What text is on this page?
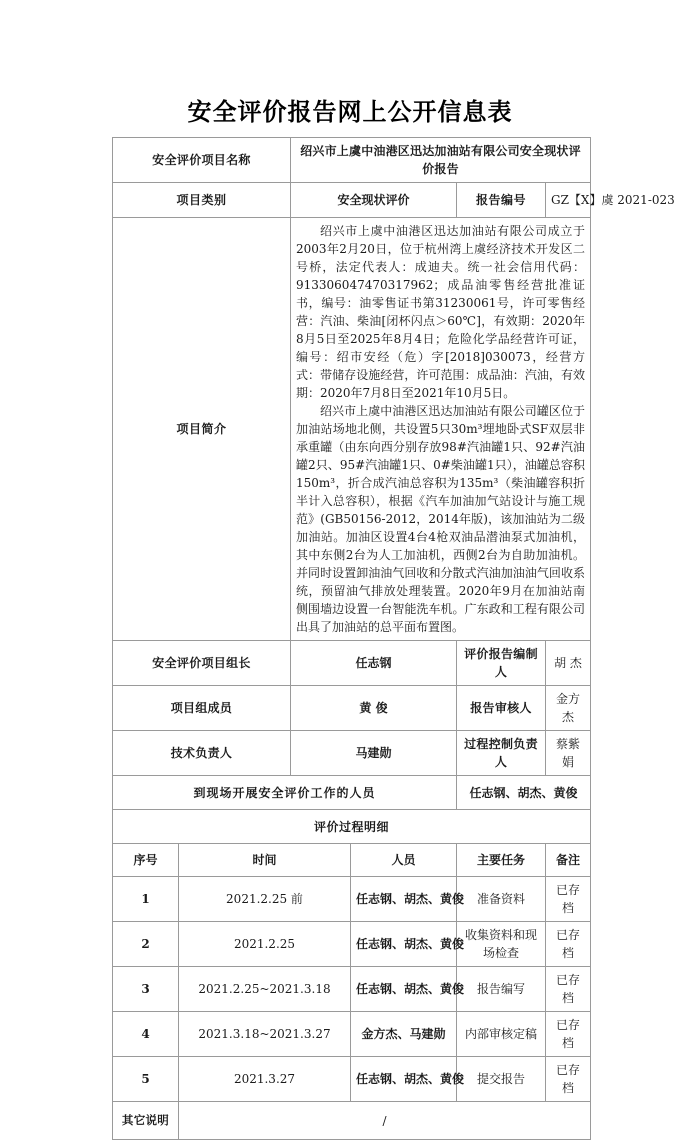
安全评价报告网上公开信息表
安全评价项目名称		绍兴市上虞中油港区迅达加油站有限公司安全现状评价报告			
项目类别		安全现状评价		报告编号	GZ【X】虞 2021-023
项目简介		绍兴市上虞中油港区迅达加油站有限公司成立于2003年2月20日，位于杭州湾上虞经济技术开发区二号桥，法定代表人：成迪夫。统一社会信用代码：913306047470317962；成品油零售经营批准证书，编号：油零售证书第31230061号，许可零售经营：汽油、柴油[闭杯闪点＞60℃]，有效期：2020年8月5日至2025年8月4日；危险化学品经营许可证，编号：绍市安经（危）字[2018]030073，经营方式：带储存设施经营，许可范围：成品油：汽油，有效期：2020年7月8日至2021年10月5日。

绍兴市上虞中油港区迅达加油站有限公司罐区位于加油站场地北侧，共设置5只30m³埋地卧式SF双层非承重罐（由东向西分别存放98#汽油罐1只、92#汽油罐2只、95#汽油罐1只、0#柴油罐1只），油罐总容积150m³，折合成汽油总容积为135m³（柴油罐容积折半计入总容积），根据《汽车加油加气站设计与施工规范》(GB50156-2012，2014年版)，该加油站为二级加油站。加油区设置4台4枪双油品潜油泵式加油机，其中东侧2台为人工加油机，西侧2台为自助加油机。并同时设置卸油油气回收和分散式汽油加油油气回收系统，预留油气排放处理装置。2020年9月在加油站南侧围墙边设置一台智能洗车机。广东政和工程有限公司出具了加油站的总平面布置图。			

安全评价项目组长		任志钢		评价报告编制人	胡 杰
项目组成员		黄 俊		报告审核人	金方杰
技术负责人		马建勋		过程控制负责人	蔡紫娟
到现场开展安全评价工作的人员				任志钢、胡杰、黄俊	
评价过程明细					
序号	时间		人员	主要任务	备注
1	2021.2.25 前		任志钢、胡杰、黄俊	准备资料	已存档
2	2021.2.25		任志钢、胡杰、黄俊	收集资料和现场检查	已存档
3	2021.2.25~2021.3.18		任志钢、胡杰、黄俊	报告编写	已存档
4	2021.3.18~2021.3.27		金方杰、马建勋	内部审核定稿	已存档
5	2021.3.27		任志钢、胡杰、黄俊	提交报告	已存档
其它说明	/				
